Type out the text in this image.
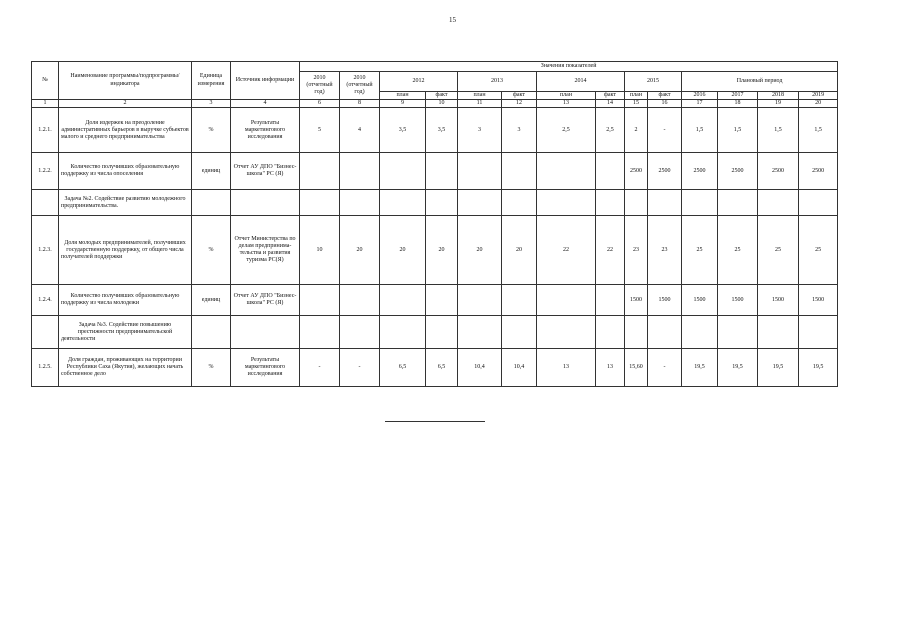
15
№	Наименование программы/подпрограммы/индикатора	Единица измерения	Источник информации	Значения показателей													
				2010 (отчетный год)	2010 (отчетный год)	2012		2013		2014		2015		Плановый период			
						план	факт	план	факт	план	факт	план	факт	2016	2017	2018	2019
1	2	3	4	6	8	9	10	11	12	13	14	15	16	17	18	19	20
1.2.1.	Доля издержек на преодоление административных барьеров в выручке субъектов малого и среднего предпринимательства	%	Результаты маркетингового исследования	5	4	3,5	3,5	3	3	2,5	2,5	2	-	1,5	1,5	1,5	1,5
1.2.2.	Количество получивших образовательную поддержку из числа опоселения	единиц	Отчет АУ ДПО "Бизнес-школа" РС (Я)									2500	2500	2500	2500	2500	2500
	Задача №2. Содействие развитию молодежного предпринимательства.																
1.2.3.	Доля молодых предпринимателей, получивших государственную поддержку, от общего числа получателей поддержки	%	Отчет Министерства по делам предпринима-тельства и развития туризма РС(Я)	10	20	20	20	20	20	22	22	23	23	25	25	25	25
1.2.4.	Количество получивших образовательную поддержку из числа молодежи	единиц	Отчет АУ ДПО "Бизнес-школа" РС (Я)									1500	1500	1500	1500	1500	1500
	Задача №3. Содействие повышению престижности предпринимательской деятельности																
1.2.5.	Доля граждан, проживающих на территории Республики Саха (Якутия), желающих начать собственное дело	%	Результаты маркетингового исследования	-	-	6,5	6,5	10,4	10,4	13	13	15,60	-	19,5	19,5	19,5	19,5
